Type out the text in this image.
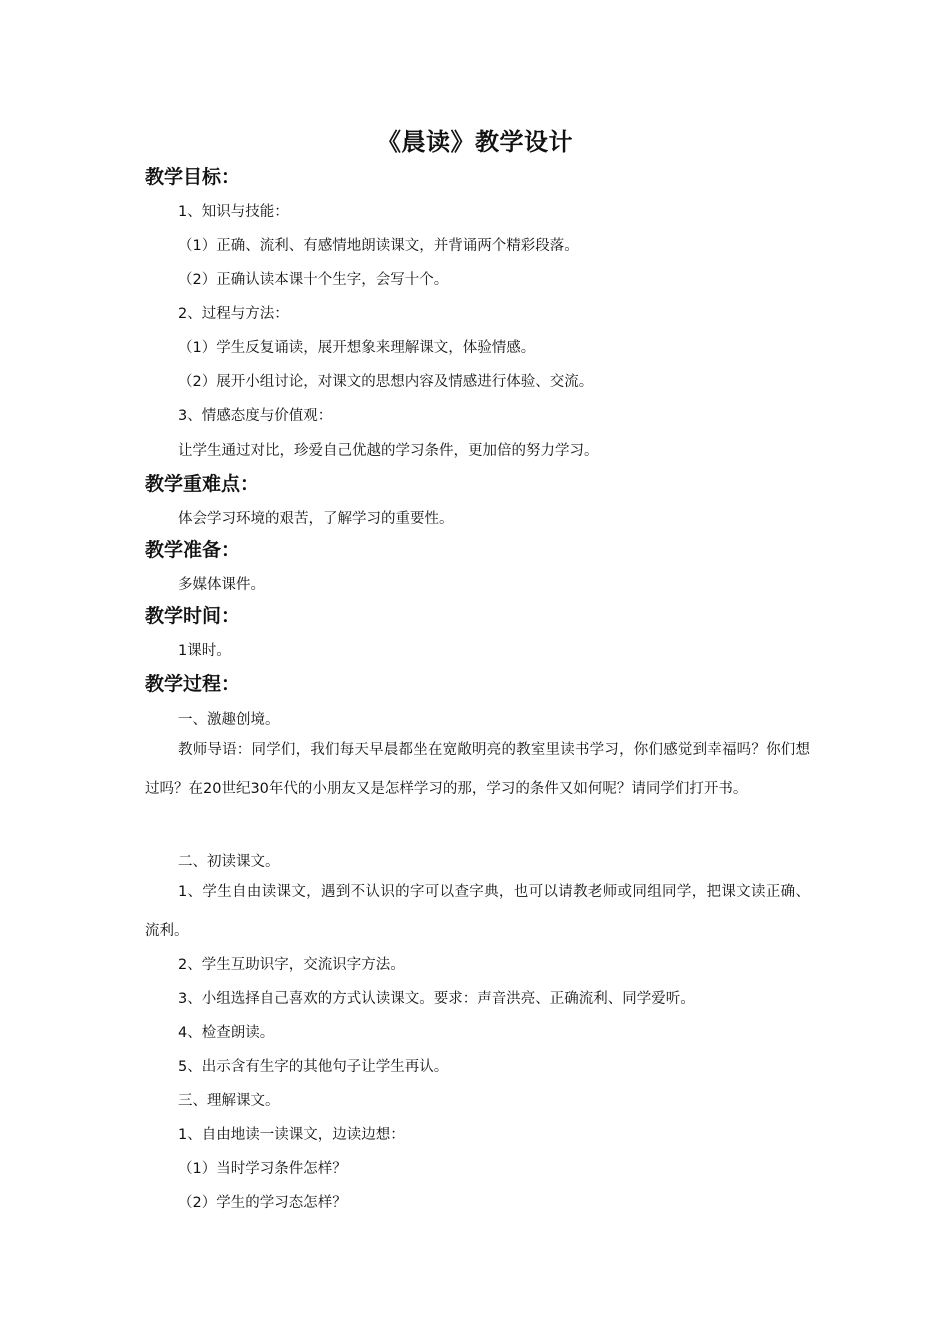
《晨读》教学设计
教学目标：
1、知识与技能：
（1）正确、流利、有感情地朗读课文，并背诵两个精彩段落。
（2）正确认读本课十个生字，会写十个。
2、过程与方法：
（1）学生反复诵读，展开想象来理解课文，体验情感。
（2）展开小组讨论，对课文的思想内容及情感进行体验、交流。
3、情感态度与价值观：
让学生通过对比，珍爱自己优越的学习条件，更加倍的努力学习。
教学重难点：
体会学习环境的艰苦，了解学习的重要性。
教学准备：
多媒体课件。
教学时间：
1课时。
教学过程：
一、激趣创境。
教师导语：同学们，我们每天早晨都坐在宽敞明亮的教室里读书学习，你们感觉到幸福吗？你们想过吗？在20世纪30年代的小朋友又是怎样学习的那，学习的条件又如何呢？请同学们打开书。
二、初读课文。
1、学生自由读课文，遇到不认识的字可以查字典，也可以请教老师或同组同学，把课文读正确、流利。
2、学生互助识字，交流识字方法。
3、小组选择自己喜欢的方式认读课文。要求：声音洪亮、正确流利、同学爱听。
4、检查朗读。
5、出示含有生字的其他句子让学生再认。
三、理解课文。
1、自由地读一读课文，边读边想：
（1）当时学习条件怎样？
（2）学生的学习态怎样？
